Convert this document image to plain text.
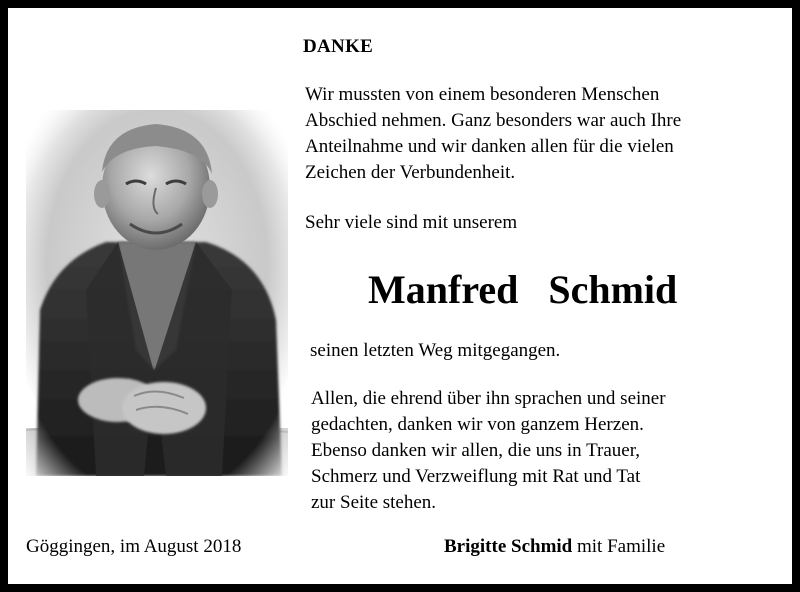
DANKE

Wir mussten von einem besonderen Menschen
Abschied nehmen. Ganz besonders war auch Ihre
Anteilnahme und wir danken allen für die vielen
Zeichen der Verbundenheit.

Sehr viele sind mit unserem

Manfred   Schmid

seinen letzten Weg mitgegangen.

Allen, die ehrend über ihn sprachen und seiner
gedachten, danken wir von ganzem Herzen.
Ebenso danken wir allen, die uns in Trauer,
Schmerz und Verzweiflung mit Rat und Tat
zur Seite stehen.

Göggingen, im August 2018	Brigitte Schmid mit Familie
